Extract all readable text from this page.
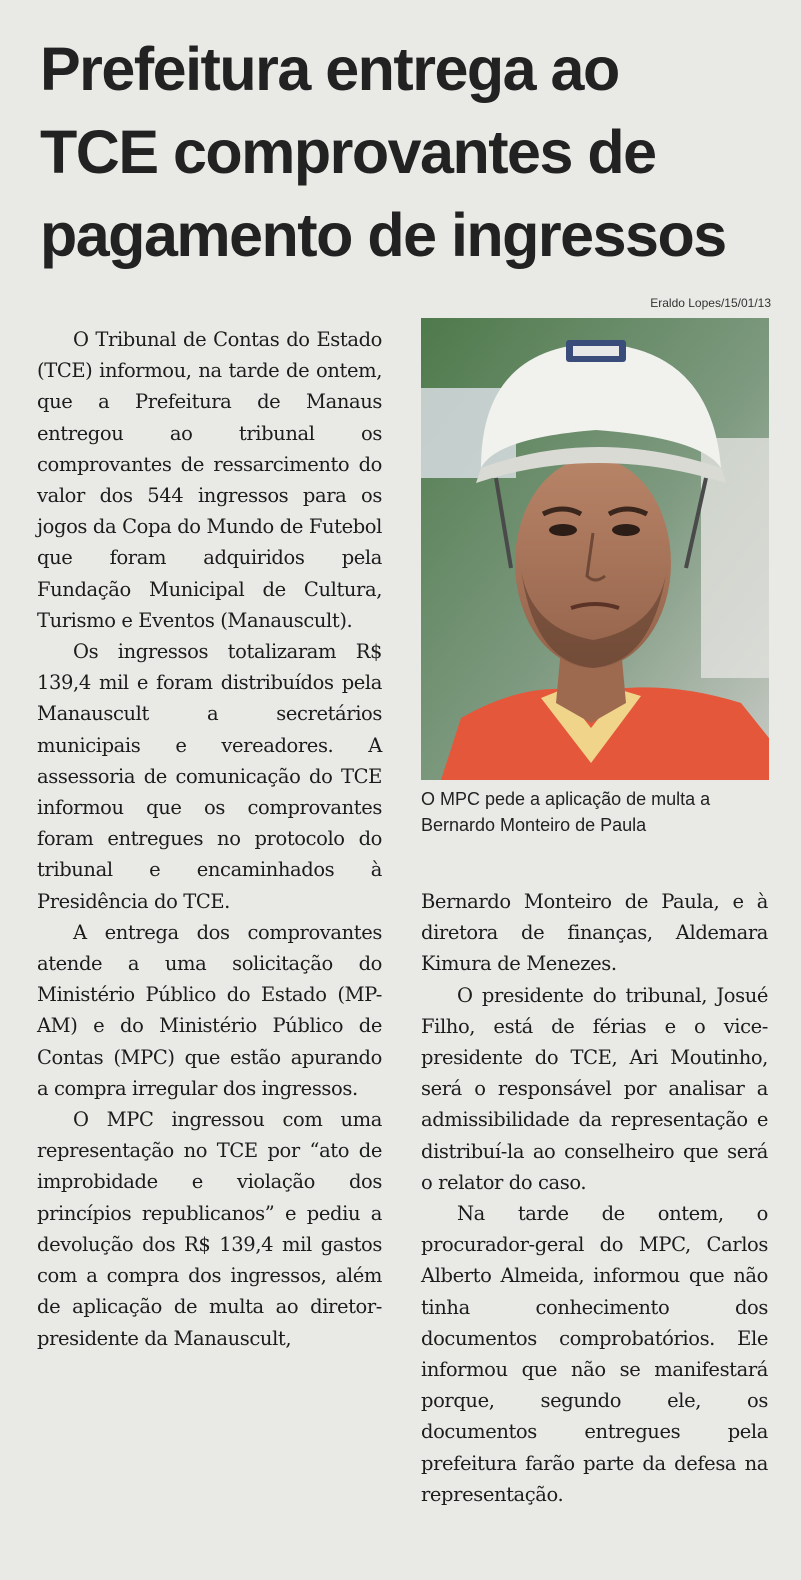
Prefeitura entrega ao
TCE comprovantes de
pagamento de ingressos
Eraldo Lopes/15/01/13
O MPC pede a aplicação de multa a Bernardo Monteiro de Paula

O Tribunal de Contas do Estado (TCE) informou, na tarde de ontem, que a Prefeitura de Manaus entregou ao tribunal os comprovantes de ressarcimento do valor dos 544 ingressos para os jogos da Copa do Mundo de Futebol que foram adquiridos pela Fundação Municipal de Cultura, Turismo e Eventos (Manauscult).

Os ingressos totalizaram R$ 139,4 mil e foram distribuídos pela Manauscult a secretários municipais e vereadores. A assessoria de comunicação do TCE informou que os comprovantes foram entregues no protocolo do tribunal e encaminhados à Presidência do TCE.

A entrega dos comprovantes atende a uma solicitação do Ministério Público do Estado (MP-AM) e do Ministério Público de Contas (MPC) que estão apurando a compra irregular dos ingressos.

O MPC ingressou com uma representação no TCE por “ato de improbidade e violação dos princípios republicanos” e pediu a devolução dos R$ 139,4 mil gastos com a compra dos ingressos, além de aplicação de multa ao diretor-presidente da Manauscult,

Bernardo Monteiro de Paula, e à diretora de finanças, Aldemara Kimura de Menezes.

O presidente do tribunal, Josué Filho, está de férias e o vice-presidente do TCE, Ari Moutinho, será o responsável por analisar a admissibilidade da representação e distribuí-la ao conselheiro que será o relator do caso.

Na tarde de ontem, o procurador-geral do MPC, Carlos Alberto Almeida, informou que não tinha conhecimento dos documentos comprobatórios. Ele informou que não se manifestará porque, segundo ele, os documentos entregues pela prefeitura farão parte da defesa na representação.
